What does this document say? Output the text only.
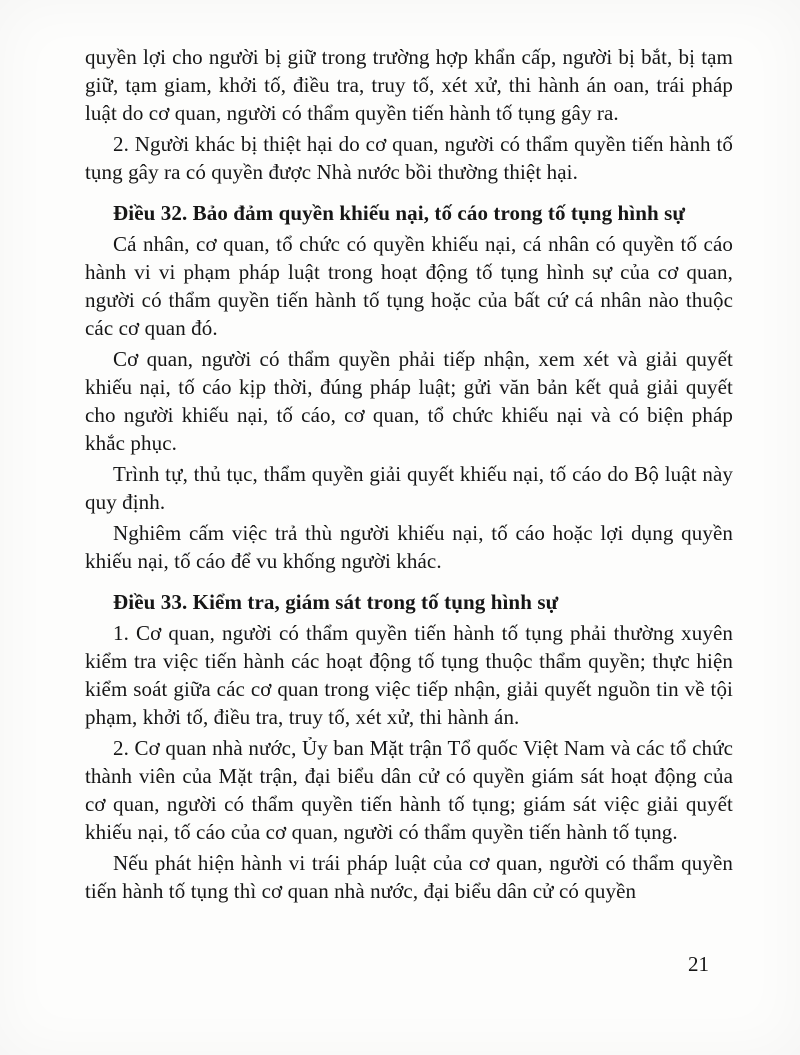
quyền lợi cho người bị giữ trong trường hợp khẩn cấp, người bị bắt, bị tạm giữ, tạm giam, khởi tố, điều tra, truy tố, xét xử, thi hành án oan, trái pháp luật do cơ quan, người có thẩm quyền tiến hành tố tụng gây ra.

2. Người khác bị thiệt hại do cơ quan, người có thẩm quyền tiến hành tố tụng gây ra có quyền được Nhà nước bồi thường thiệt hại.

Điều 32. Bảo đảm quyền khiếu nại, tố cáo trong tố tụng hình sự

Cá nhân, cơ quan, tổ chức có quyền khiếu nại, cá nhân có quyền tố cáo hành vi vi phạm pháp luật trong hoạt động tố tụng hình sự của cơ quan, người có thẩm quyền tiến hành tố tụng hoặc của bất cứ cá nhân nào thuộc các cơ quan đó.

Cơ quan, người có thẩm quyền phải tiếp nhận, xem xét và giải quyết khiếu nại, tố cáo kịp thời, đúng pháp luật; gửi văn bản kết quả giải quyết cho người khiếu nại, tố cáo, cơ quan, tổ chức khiếu nại và có biện pháp khắc phục.

Trình tự, thủ tục, thẩm quyền giải quyết khiếu nại, tố cáo do Bộ luật này quy định.

Nghiêm cấm việc trả thù người khiếu nại, tố cáo hoặc lợi dụng quyền khiếu nại, tố cáo để vu khống người khác.

Điều 33. Kiểm tra, giám sát trong tố tụng hình sự

1. Cơ quan, người có thẩm quyền tiến hành tố tụng phải thường xuyên kiểm tra việc tiến hành các hoạt động tố tụng thuộc thẩm quyền; thực hiện kiểm soát giữa các cơ quan trong việc tiếp nhận, giải quyết nguồn tin về tội phạm, khởi tố, điều tra, truy tố, xét xử, thi hành án.

2. Cơ quan nhà nước, Ủy ban Mặt trận Tổ quốc Việt Nam và các tổ chức thành viên của Mặt trận, đại biểu dân cử có quyền giám sát hoạt động của cơ quan, người có thẩm quyền tiến hành tố tụng; giám sát việc giải quyết khiếu nại, tố cáo của cơ quan, người có thẩm quyền tiến hành tố tụng.

Nếu phát hiện hành vi trái pháp luật của cơ quan, người có thẩm quyền tiến hành tố tụng thì cơ quan nhà nước, đại biểu dân cử có quyền

21
